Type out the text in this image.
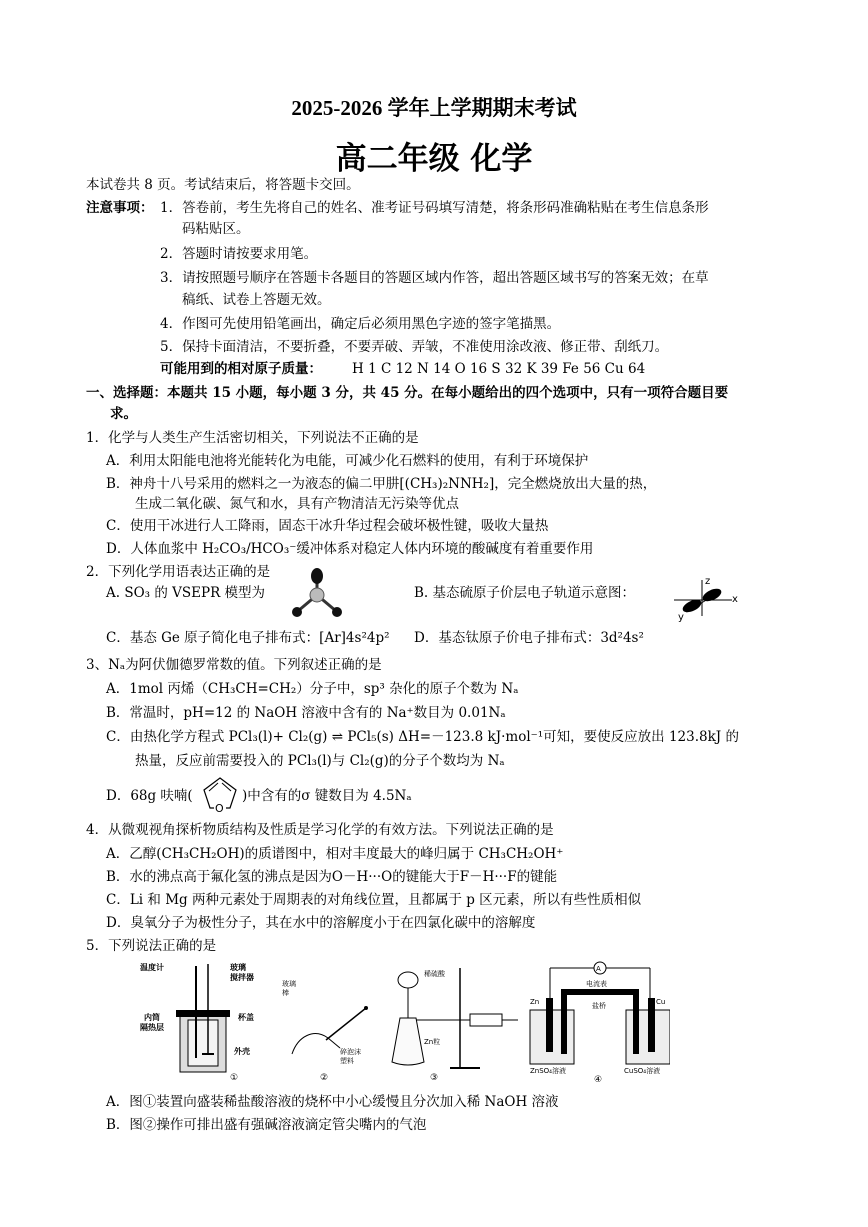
2025-2026 学年上学期期末考试
高二年级 化学
本试卷共 8 页。考试结束后，将答题卡交回。
注意事项： 1．答卷前，考生先将自己的姓名、准考证号码填写清楚，将条形码准确粘贴在考生信息条形
码粘贴区。
2．答题时请按要求用笔。
3．请按照题号顺序在答题卡各题目的答题区域内作答，超出答题区域书写的答案无效；在草
稿纸、试卷上答题无效。
4．作图可先使用铅笔画出，确定后必须用黑色字迹的签字笔描黑。
5．保持卡面清洁，不要折叠，不要弄破、弄皱，不准使用涂改液、修正带、刮纸刀。
可能用到的相对原子质量： H 1 C 12 N 14 O 16 S 32 K 39 Fe 56 Cu 64
一、选择题：本题共 15 小题，每小题 3 分，共 45 分。在每小题给出的四个选项中，只有一项符合题目要
求。
1．化学与人类生产生活密切相关，下列说法不正确的是
A．利用太阳能电池将光能转化为电能，可减少化石燃料的使用，有利于环境保护
B．神舟十八号采用的燃料之一为液态的偏二甲肼[(CH₃)₂NNH₂]，完全燃烧放出大量的热，
生成二氧化碳、氮气和水，具有产物清洁无污染等优点
C．使用干冰进行人工降雨，固态干冰升华过程会破坏极性键，吸收大量热
D．人体血浆中 H₂CO₃/HCO₃⁻缓冲体系对稳定人体内环境的酸碱度有着重要作用
2．下列化学用语表达正确的是
A. SO₃ 的 VSEPR 模型为	B. 基态硫原子价层电子轨道示意图：
z
x
y
C．基态 Ge 原子简化电子排布式：[Ar]4s²4p² D．基态钛原子价电子排布式：3d²4s²
3、Nₐ为阿伏伽德罗常数的值。下列叙述正确的是
A．1mol 丙烯（CH₃CH=CH₂）分子中，sp³ 杂化的原子个数为 Nₐ
B．常温时，pH=12 的 NaOH 溶液中含有的 Na⁺数目为 0.01Nₐ
C．由热化学方程式 PCl₃(l)+ Cl₂(g) ⇌ PCl₅(s) ΔH=－123.8 kJ·mol⁻¹可知，要使反应放出 123.8kJ 的
热量，反应前需要投入的 PCl₃(l)与 Cl₂(g)的分子个数均为 Nₐ
D．68g 呋喃(
O
)中含有的σ 键数目为 4.5Nₐ
4．从微观视角探析物质结构及性质是学习化学的有效方法。下列说法正确的是
A．乙醇(CH₃CH₂OH)的质谱图中，相对丰度最大的峰归属于 CH₃CH₂OH⁺
B．水的沸点高于氟化氢的沸点是因为O－H···O的键能大于F－H···F的键能
C．Li 和 Mg 两种元素处于周期表的对角线位置，且都属于 p 区元素，所以有些性质相似
D．臭氧分子为极性分子，其在水中的溶解度小于在四氯化碳中的溶解度
5．下列说法正确的是
温度计	玻璃 搅拌器
内筒
隔热层
杯盖
外壳
①
玻璃棒
碎泡沫塑料
②
稀硫酸
Zn粒
③
A
电流表
Zn	Cu
盐桥
ZnSO₄溶液	CuSO₄溶液
④
A．图①装置向盛装稀盐酸溶液的烧杯中小心缓慢且分次加入稀 NaOH 溶液
B．图②操作可排出盛有强碱溶液滴定管尖嘴内的气泡
